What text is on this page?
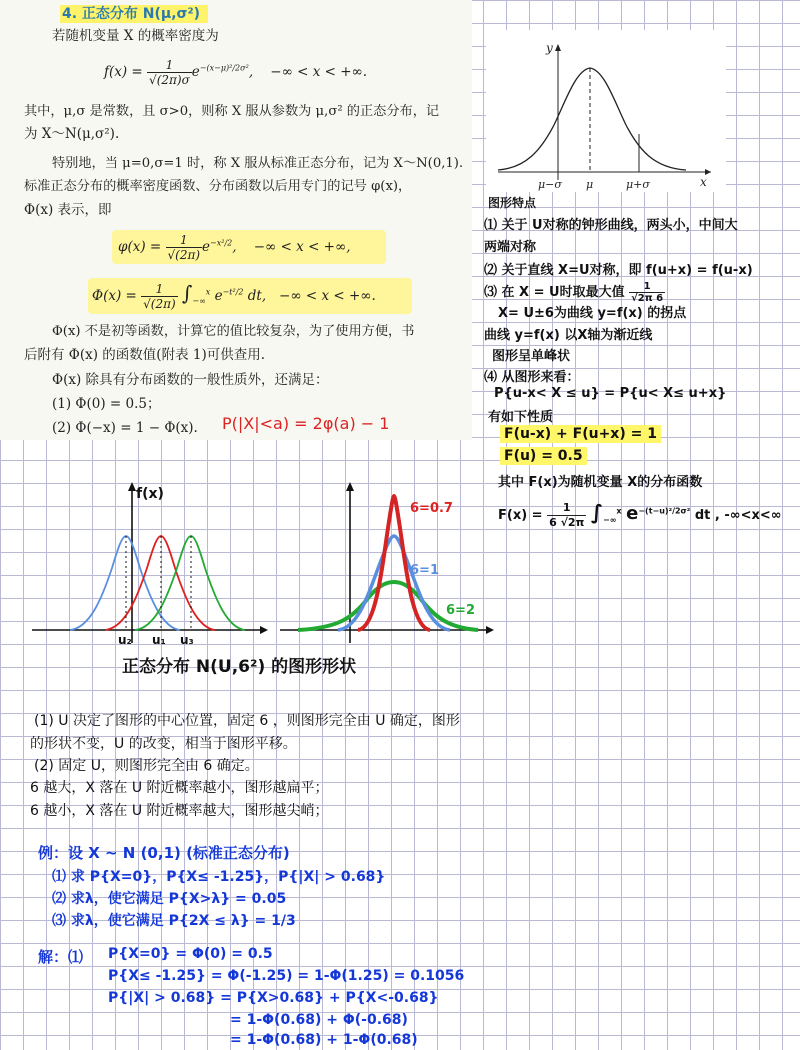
4. 正态分布 N(μ,σ²)
若随机变量 X 的概率密度为
$f(x) = \frac{1}{√(2\pi)\sigma} e^{-(x-\mu)^2/2\sigma^2}$,    −∞ < x < +∞.
其中，μ,σ 是常数，且 σ>0，则称 X 服从参数为 μ,σ² 的正态分布，记
为 X～N(μ,σ²).
特别地，当 μ=0,σ=1 时，称 X 服从标准正态分布，记为 X～N(0,1).
标准正态分布的概率密度函数、分布函数以后用专门的记号 φ(x)，
Φ(x) 表示，即
$\varphi(x) = \frac{1}{√(2\pi)} e^{-x^2/2}$,    −∞ < x < +∞,
$\Phi(x) = \frac{1}{√(2\pi)} \int_{-\infty}^x$ $e^{-t^2/2}$ dt, −∞ < x < +∞.
Φ(x) 不是初等函数，计算它的值比较复杂，为了使用方便，书
后附有 Φ(x) 的函数值(附表 1)可供查用.
Φ(x) 除具有分布函数的一般性质外，还满足：
(1) Φ(0) = 0.5；
(2) Φ(−x) = 1 − Φ(x). P(|X|<a) = 2φ(a) − 1
y
x
μ−σ μ	μ+σ
图形特点
⑴ 关于 U对称的钟形曲线，两头小，中间大
两端对称
⑵ 关于直线 X=U对称，即 f(u+x) = f(u-x)
⑶ 在 X = U时取最大值 $\frac{1}{√2\pi 6}$
X= U±6为曲线 y=f(x) 的拐点
曲线 y=f(x) 以X轴为渐近线
图形呈单峰状
⑷ 从图形来看：
P{u-x< X ≤ u} = P{u< X≤ u+x}
有如下性质
F(u-x) + F(u+x) = 1
F(u) = 0.5
其中 F(x)为随机变量 X的分布函数
$F(x) = \frac{1}{6 √2\pi} \int_{-\infty}^x$ $e^{-(t-u)^2/2\sigma^2}$ dt , -∞<x<∞
f(x)
u₂ u₁ u₃
6=0.7
6=1
6=2
正态分布 N(U,6²) 的图形形状
(1) U 决定了图形的中心位置，固定 6 ，则图形完全由 U 确定，图形
的形状不变，U 的改变，相当于图形平移。
(2) 固定 U，则图形完全由 6 确定。
6 越大，X 落在 U 附近概率越小，图形越扁平；
6 越小，X 落在 U 附近概率越大，图形越尖峭；
例：设 X ~ N (0,1) (标准正态分布)
⑴ 求 P{X=0}，P{X≤ -1.25}，P{|X| > 0.68}
⑵ 求λ，使它满足 P{X>λ} = 0.05
⑶ 求λ，使它满足 P{2X ≤ λ} = 1/3
解：⑴ P{X=0} = Φ(0) = 0.5
P{X≤ -1.25} = Φ(-1.25) = 1-Φ(1.25) = 0.1056
P{|X| > 0.68} = P{X>0.68} + P{X<-0.68}
= 1-Φ(0.68) + Φ(-0.68)
= 1-Φ(0.68) + 1-Φ(0.68)
